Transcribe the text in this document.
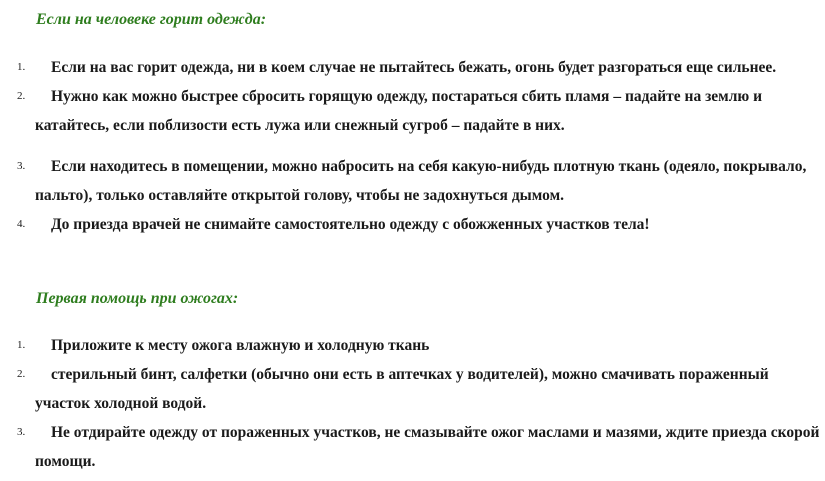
Если на человеке горит одежда:
1. Если на вас горит одежда, ни в коем случае не пытайтесь бежать, огонь будет разгораться еще сильнее.
2. Нужно как можно быстрее сбросить горящую одежду, постараться сбить пламя – падайте на землю и катайтесь, если поблизости есть лужа или снежный сугроб – падайте в них.
3. Если находитесь в помещении, можно набросить на себя какую-нибудь плотную ткань (одеяло, покрывало, пальто), только оставляйте открытой голову, чтобы не задохнуться дымом.
4. До приезда врачей не снимайте самостоятельно одежду с обожженных участков тела!
Первая помощь при ожогах:
1. Приложите к месту ожога влажную и холодную ткань
2. стерильный бинт, салфетки (обычно они есть в аптечках у водителей), можно смачивать пораженный участок холодной водой.
3. Не отдирайте одежду от пораженных участков, не смазывайте ожог маслами и мазями, ждите приезда скорой помощи.
